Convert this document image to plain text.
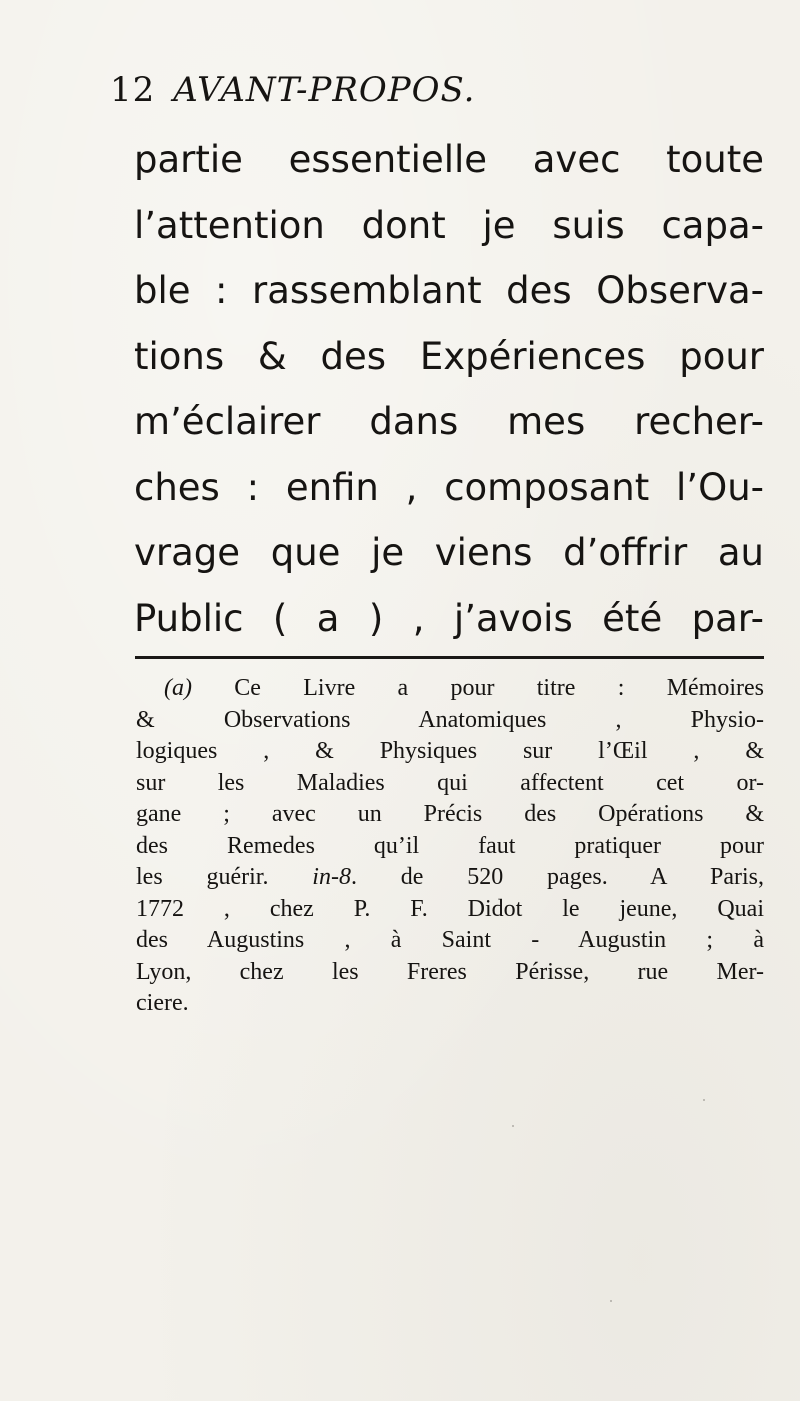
12 AVANT-PROPOS.
partie essentielle avec toute
l’attention dont je suis capa-
ble : rassemblant des Observa-
tions & des Expériences pour
m’éclairer dans mes recher-
ches : enfin , composant l’Ou-
vrage que je viens d’offrir au
Public ( a ) , j’avois été par-
(a) Ce Livre a pour titre : Mémoires
& Observations Anatomiques , Physio-
logiques , & Physiques sur l’Œil , &
sur les Maladies qui affectent cet or-
gane ; avec un Précis des Opérations &
des Remedes qu’il faut pratiquer pour
les guérir. in-8. de 520 pages. A Paris,
1772 , chez P. F. Didot le jeune, Quai
des Augustins , à Saint - Augustin ; à
Lyon, chez les Freres Périsse, rue Mer-
ciere.
